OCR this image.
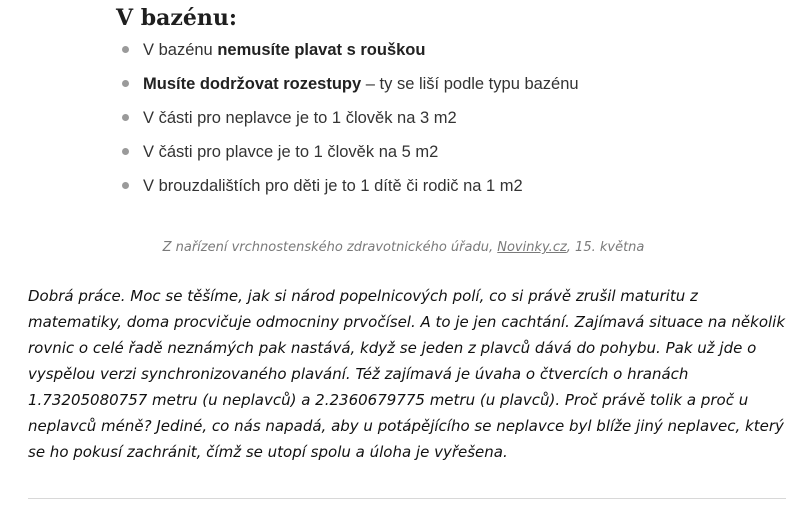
V bazénu:
V bazénu nemusíte plavat s rouškou
Musíte dodržovat rozestupy – ty se liší podle typu bazénu
V části pro neplavce je to 1 člověk na 3 m2
V části pro plavce je to 1 člověk na 5 m2
V brouzdalištích pro děti je to 1 dítě či rodič na 1 m2

Z nařízení vrchnostenského zdravotnického úřadu, Novinky.cz, 15. května

Dobrá práce. Moc se těšíme, jak si národ popelnicových polí, co si právě zrušil maturitu z matematiky, doma procvičuje odmocniny prvočísel. A to je jen cachtání. Zajímavá situace na několik rovnic o celé řadě neznámých pak nastává, když se jeden z plavců dává do pohybu. Pak už jde o vyspělou verzi synchronizovaného plavání. Též zajímavá je úvaha o čtvercích o hranách 1.73205080757 metru (u neplavců) a 2.2360679775 metru (u plavců). Proč právě tolik a proč u neplavců méně? Jediné, co nás napadá, aby u potápějícího se neplavce byl blíže jiný neplavec, který se ho pokusí zachránit, čímž se utopí spolu a úloha je vyřešena.
